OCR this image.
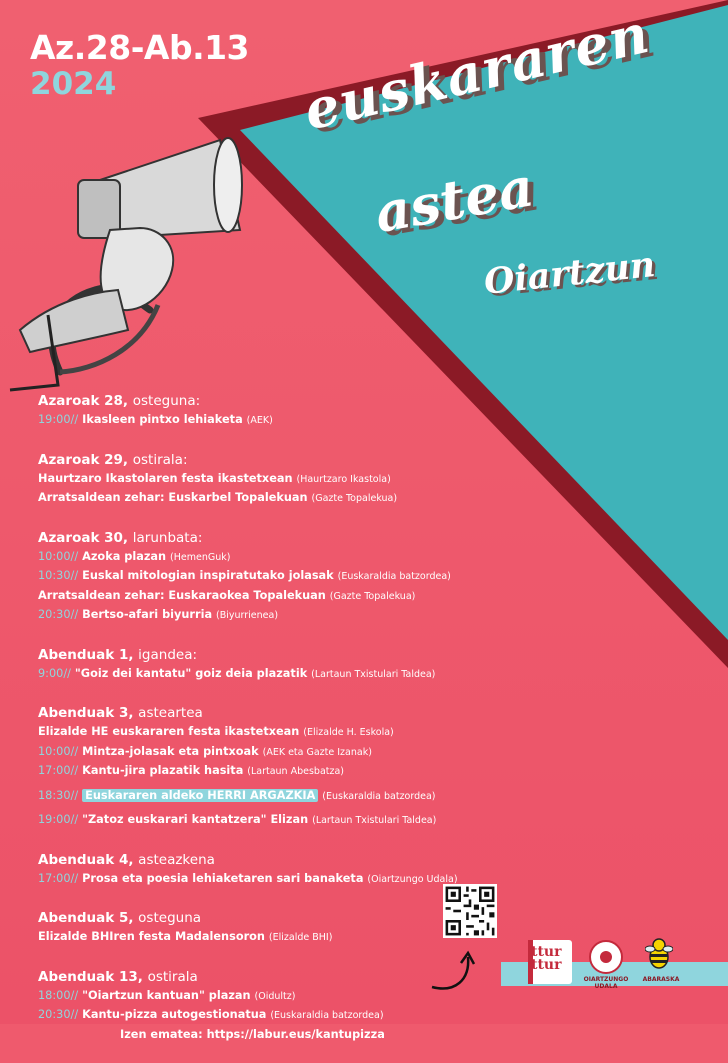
Az.28-Ab.13
2024	euskararen
astea
Oiartzun
Azaroak 28, osteguna:
19:00// Ikasleen pintxo lehiaketa (AEK)
Azaroak 29, ostirala:
Haurtzaro Ikastolaren festa ikastetxean (Haurtzaro Ikastola)
Arratsaldean zehar: Euskarbel Topalekuan (Gazte Topalekua)
Azaroak 30, larunbata:
10:00// Azoka plazan (HemenGuk)
10:30// Euskal mitologian inspiratutako jolasak (Euskaraldia batzordea)
Arratsaldean zehar: Euskaraokea Topalekuan (Gazte Topalekua)
20:30// Bertso-afari biyurria (Biyurrienea)
Abenduak 1, igandea:
9:00// "Goiz dei kantatu" goiz deia plazatik (Lartaun Txistulari Taldea)
Abenduak 3, asteartea
Elizalde HE euskararen festa ikastetxean (Elizalde H. Eskola)
10:00// Mintza-jolasak eta pintxoak (AEK eta Gazte Izanak)
17:00// Kantu-jira plazatik hasita (Lartaun Abesbatza)
18:30// Euskararen aldeko HERRI ARGAZKIA (Euskaraldia batzordea)
19:00// "Zatoz euskarari kantatzera" Elizan (Lartaun Txistulari Taldea)
Abenduak 4, asteazkena
17:00// Prosa eta poesia lehiaketaren sari banaketa (Oiartzungo Udala)
Abenduak 5, osteguna
Elizalde BHIren festa Madalensoron (Elizalde BHI)
Abenduak 13, ostirala
18:00// "Oiartzun kantuan" plazan (Oidultz)
20:30// Kantu-pizza autogestionatua (Euskaraldia batzordea)
Izen ematea: https://labur.eus/kantupizza
ttur
ttur
OIARTZUNGO UDALA
ABARASKA
